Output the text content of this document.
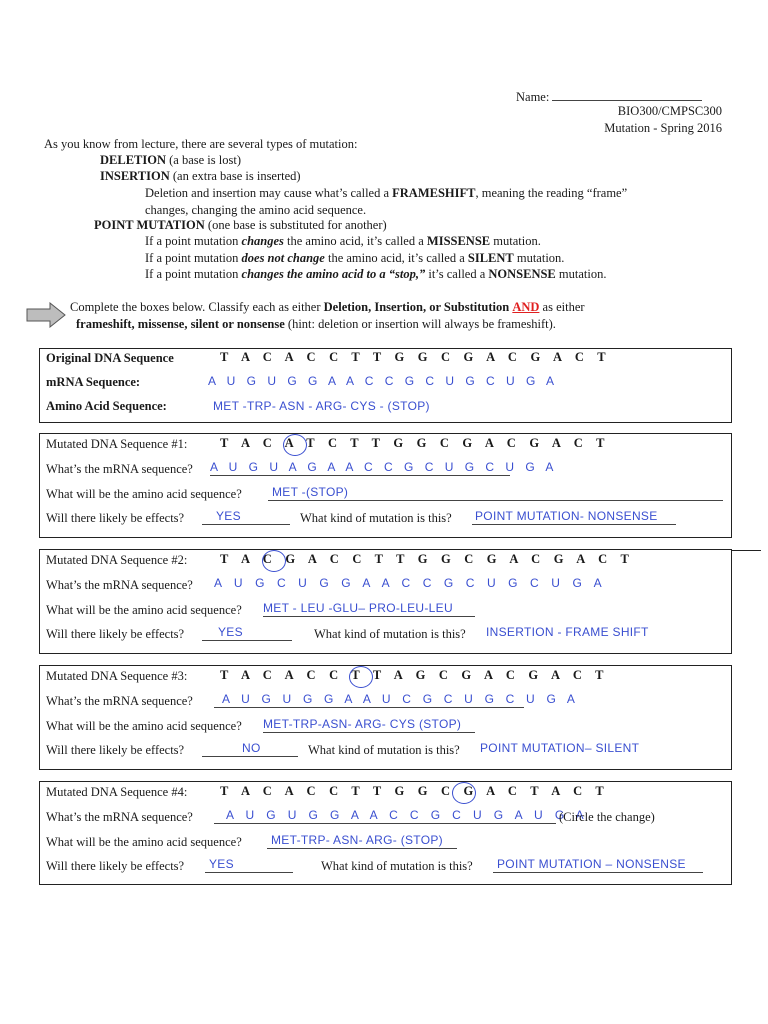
Name:
BIO300/CMPSC300
Mutation - Spring 2016
As you know from lecture, there are several types of mutation:
DELETION (a base is lost)
INSERTION (an extra base is inserted)
Deletion and insertion may cause what’s called a FRAMESHIFT, meaning the reading “frame”
changes, changing the amino acid sequence.
POINT MUTATION (one base is substituted for another)
If a point mutation changes the amino acid, it’s called a MISSENSE mutation.
If a point mutation does not change the amino acid, it’s called a SILENT mutation.
If a point mutation changes the amino acid to a “stop,” it’s called a NONSENSE mutation.
Complete the boxes below. Classify each as either Deletion, Insertion, or Substitution AND as either
frameshift, missense, silent or nonsense (hint: deletion or insertion will always be frameshift).
Original DNA Sequence	T A C A C C T T G G C G A C G A C T
mRNA Sequence:	A U G U G G A A C C G C U G C U G A
Amino Acid Sequence:	MET -TRP- ASN - ARG- CYS - (STOP)
Mutated DNA Sequence #1:	T A C A T C T T G G C G A C G A C T
What’s the mRNA sequence? A U G U A G A A C C G C U G C U G A
What will be the amino acid sequence?	MET -(STOP)
Will there likely be effects?	YES	What kind of mutation is this? POINT MUTATION- NONSENSE
Mutated DNA Sequence #2:	T A C G A C C T T G G C G A C G A C T
What’s the mRNA sequence? A U G C U G G A A C C G C U G C U G A
What will be the amino acid sequence? MET - LEU -GLU– PRO-LEU-LEU
Will there likely be effects?	YES	What kind of mutation is this? INSERTION - FRAME SHIFT
Mutated DNA Sequence #3:	T A C A C C T T A G C G A C G A C T
What’s the mRNA sequence?	A U G U G G A A U C G C U G C U G A
What will be the amino acid sequence? MET-TRP-ASN- ARG- CYS (STOP)
Will there likely be effects?	NO	What kind of mutation is this? POINT MUTATION– SILENT
Mutated DNA Sequence #4:	T A C A C C T T G G C G A C T A C T
What’s the mRNA sequence?	A U G U G G A A C C G C U G A U G A
(Circle the change)
What will be the amino acid sequence?	MET-TRP- ASN- ARG- (STOP)
Will there likely be effects?	YES	What kind of mutation is this?	POINT MUTATION – NONSENSE
